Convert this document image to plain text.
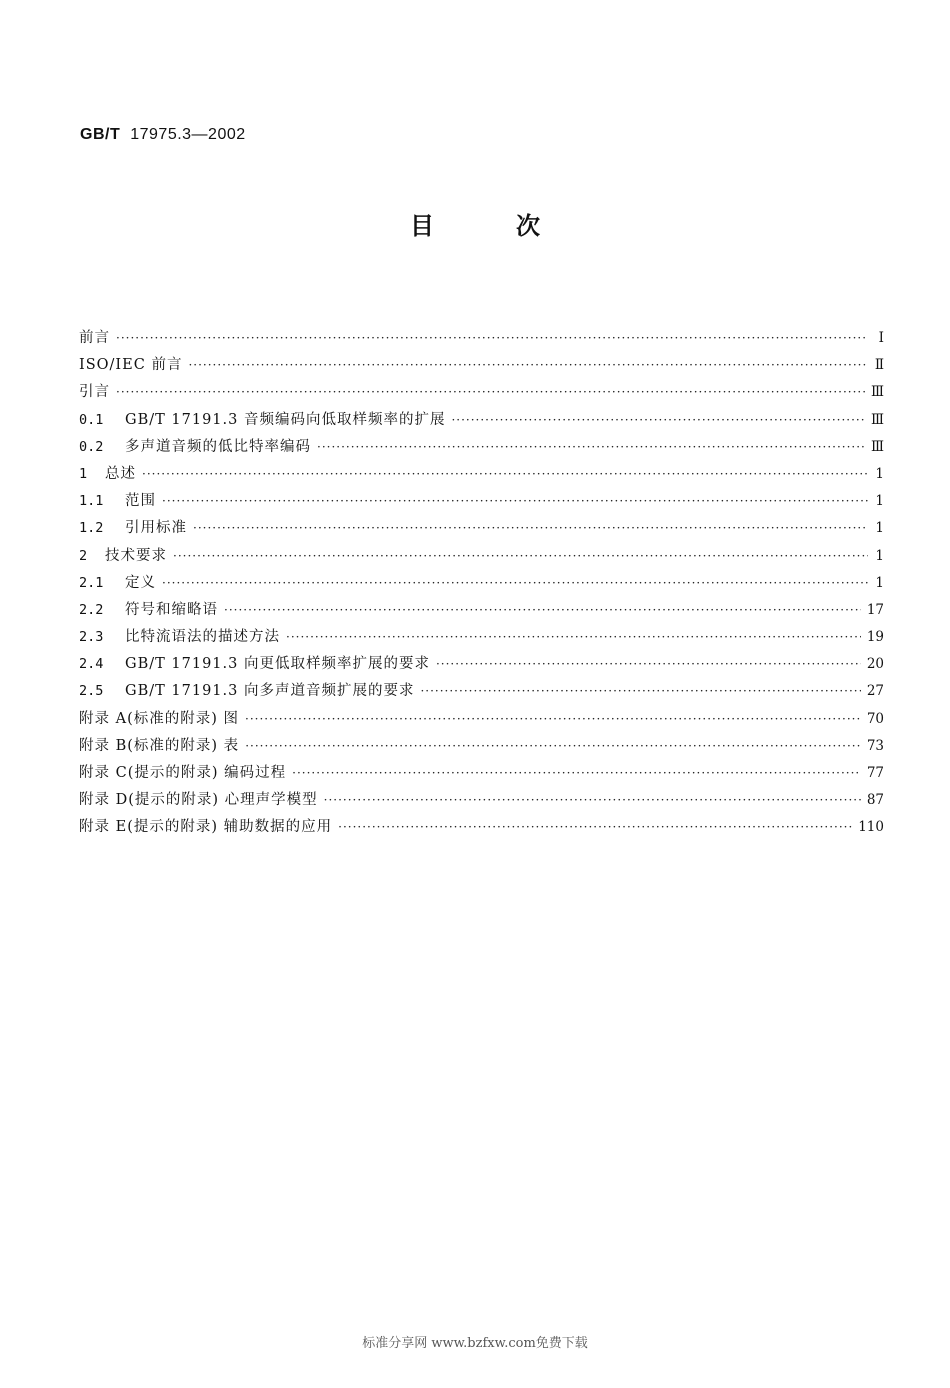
GB/T 17975.3—2002
目	次
前言 ·····	Ⅰ
ISO/IEC 前言 ·····	Ⅱ
引言 ·····	Ⅲ
0.1	GB/T 17191.3 音频编码向低取样频率的扩展 ·····	Ⅲ
0.2	多声道音频的低比特率编码 ·····	Ⅲ
1	总述 ·····	1
1.1	范围 ·····	1
1.2	引用标准 ·····	1
2	技术要求 ·····	1
2.1	定义 ·····	1
2.2	符号和缩略语 ·····	17
2.3	比特流语法的描述方法 ·····	19
2.4	GB/T 17191.3 向更低取样频率扩展的要求 ·····	20
2.5	GB/T 17191.3 向多声道音频扩展的要求 ·····	27
附录 A(标准的附录) 图 ·····	70
附录 B(标准的附录) 表 ·····	73
附录 C(提示的附录) 编码过程 ·····	77
附录 D(提示的附录) 心理声学模型 ·····	87
附录 E(提示的附录) 辅助数据的应用 ·····	110
标准分享网 www.bzfxw.com免费下载
